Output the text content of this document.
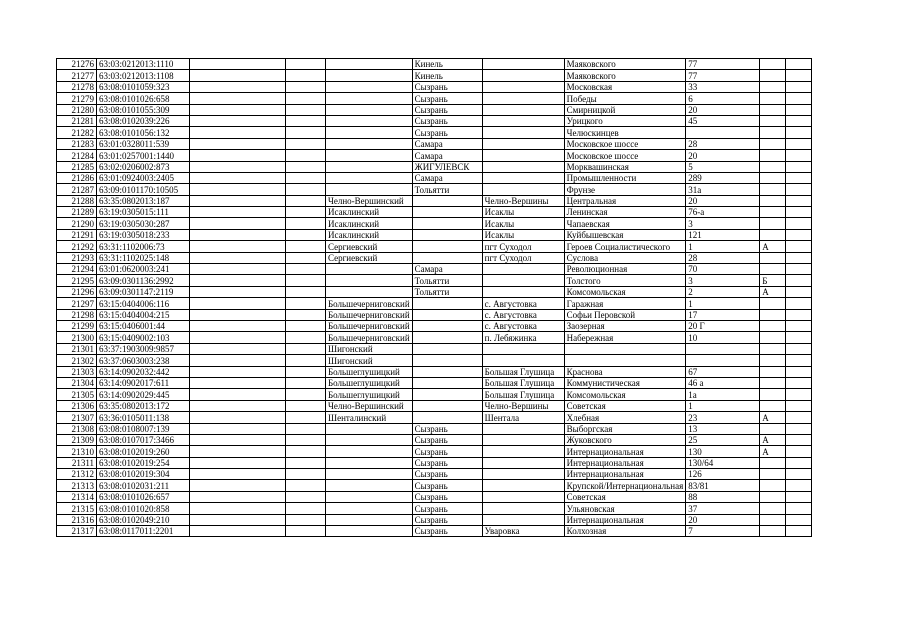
21276	63:03:0212013:1110				Кинель		Маяковского	77		
21277	63:03:0212013:1108				Кинель		Маяковского	77		
21278	63:08:0101059:323				Сызрань		Московская	33		
21279	63:08:0101026:658				Сызрань		Победы	6		
21280	63:08:0101055:309				Сызрань		Смирницкой	20		
21281	63:08:0102039:226				Сызрань		Урицкого	45		
21282	63:08:0101056:132				Сызрань		Челюскинцев			
21283	63:01:0328011:539				Самара		Московское шоссе	28		
21284	63:01:0257001:1440				Самара		Московское шоссе	20		
21285	63:02:0206002:873				ЖИГУЛЕВСК		Морквашинская	5		
21286	63:01:0924003:2405				Самара		Промышленности	289		
21287	63:09:0101170:10505				Тольятти		Фрунзе	31а		
21288	63:35:0802013:187			Челно-Вершинский		Челно-Вершины	Центральная	20		
21289	63:19:0305015:111			Исаклинский		Исаклы	Ленинская	76-а		
21290	63:19:0305030:287			Исаклинский		Исаклы	Чапаевская	3		
21291	63:19:0305018:233			Исаклинский		Исаклы	Куйбышевская	121		
21292	63:31:1102006:73			Сергиевский		пгт Суходол	Героев Социалистического	1	А	
21293	63:31:1102025:148			Сергиевский		пгт Суходол	Суслова	28		
21294	63:01:0620003:241				Самара		Революционная	70		
21295	63:09:0301136:2992				Тольятти		Толстого	3	Б	
21296	63:09:0301147:2119				Тольятти		Комсомольская	2	А	
21297	63:15:0404006:116			Большечерниговский		с. Августовка	Гаражная	1		
21298	63:15:0404004:215			Большечерниговский		с. Августовка	Софьи Перовской	17		
21299	63:15:0406001:44			Большечерниговский		с. Августовка	Заозерная	20 Г		
21300	63:15:0409002:103			Большечерниговский		п. Лебяжинка	Набережная	10		
21301	63:37:1903009:9857			Шигонский						
21302	63:37:0603003:238			Шигонский						
21303	63:14:0902032:442			Большеглушицкий		Большая Глушица	Краснова	67		
21304	63:14:0902017:611			Большеглушицкий		Большая Глушица	Коммунистическая	46 а		
21305	63:14:0902029:445			Большеглушицкий		Большая Глушица	Комсомольская	1а		
21306	63:35:0802013:172			Челно-Вершинский		Челно-Вершины	Советская	1		
21307	63:36:0105011:138			Шенталинский		Шентала	Хлебная	23	А	
21308	63:08:0108007:139				Сызрань		Выборгская	13		
21309	63:08:0107017:3466				Сызрань		Жуковского	25	А	
21310	63:08:0102019:260				Сызрань		Интернациональная	130	А	
21311	63:08:0102019:254				Сызрань		Интернациональная	130/64		
21312	63:08:0102019:304				Сызрань		Интернациональная	126		
21313	63:08:0102031:211				Сызрань		Крупской/Интернациональная	83/81		
21314	63:08:0101026:657				Сызрань		Советская	88		
21315	63:08:0101020:858				Сызрань		Ульяновская	37		
21316	63:08:0102049:210				Сызрань		Интернациональная	20		
21317	63:08:0117011:2201				Сызрань	Уваровка	Колхозная	7		
